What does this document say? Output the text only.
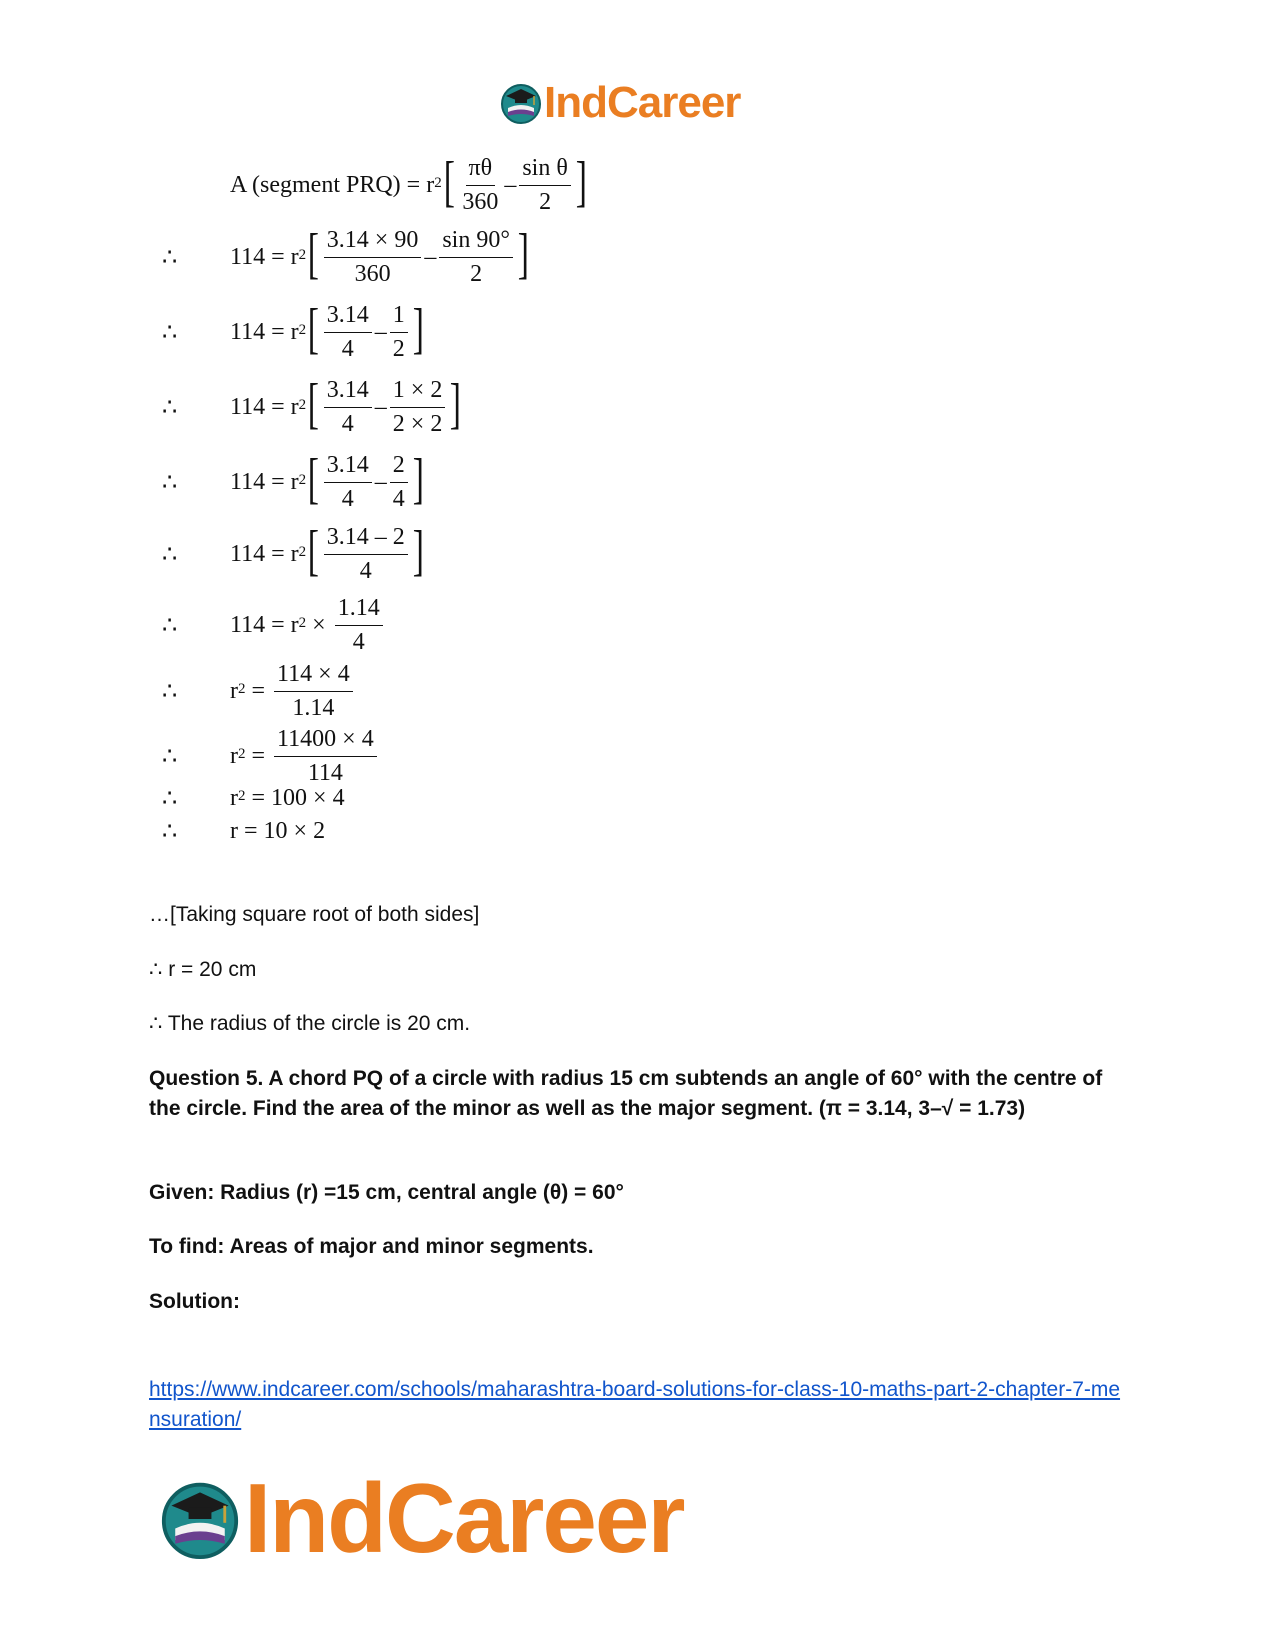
IndCareer
A (segment $PRQ) = r^2$ [ $\frac{\pi\theta}{360} - \frac{\text{sin θ}}{2}$ ]
∴ $114 = r^2$ [ $\frac{3.14 \times 90}{360} - \frac{\sin 90^\circ}{2}$ ]
∴ $114 = r^2$ [ $\frac{3.14}{4} - \frac{1}{2}$ ]
∴ $114 = r^2$ [ $\frac{3.14}{4} - \frac{1 \times 2}{2 \times 2}$ ]
∴ $114 = r^2$ [ $\frac{3.14}{4} - \frac{2}{4}$ ]
∴ $114 = r^2$ [ $\frac{3.14 - 2}{4}$ ]
∴ $114 = r^2 \times \frac{1.14}{4}$
∴ $r^2 = \frac{114 \times 4}{1.14}$
∴ $r^2 = \frac{11400 \times 4}{114}$
∴ $r^2 = 100 \times 4$
∴ r = 10 × 2
…[Taking square root of both sides]
∴ r = 20 cm
∴ The radius of the circle is 20 cm.
Question 5. A chord PQ of a circle with radius 15 cm subtends an angle of 60° with the centre of the circle. Find the area of the minor as well as the major segment. (π = 3.14, 3–√ = 1.73)
Given: Radius (r) =15 cm, central angle (θ) = 60°
To find: Areas of major and minor segments.
Solution:
https://www.indcareer.com/schools/maharashtra-board-solutions-for-class-10-maths-part-2-chapter-7-mensuration/
IndCareer
